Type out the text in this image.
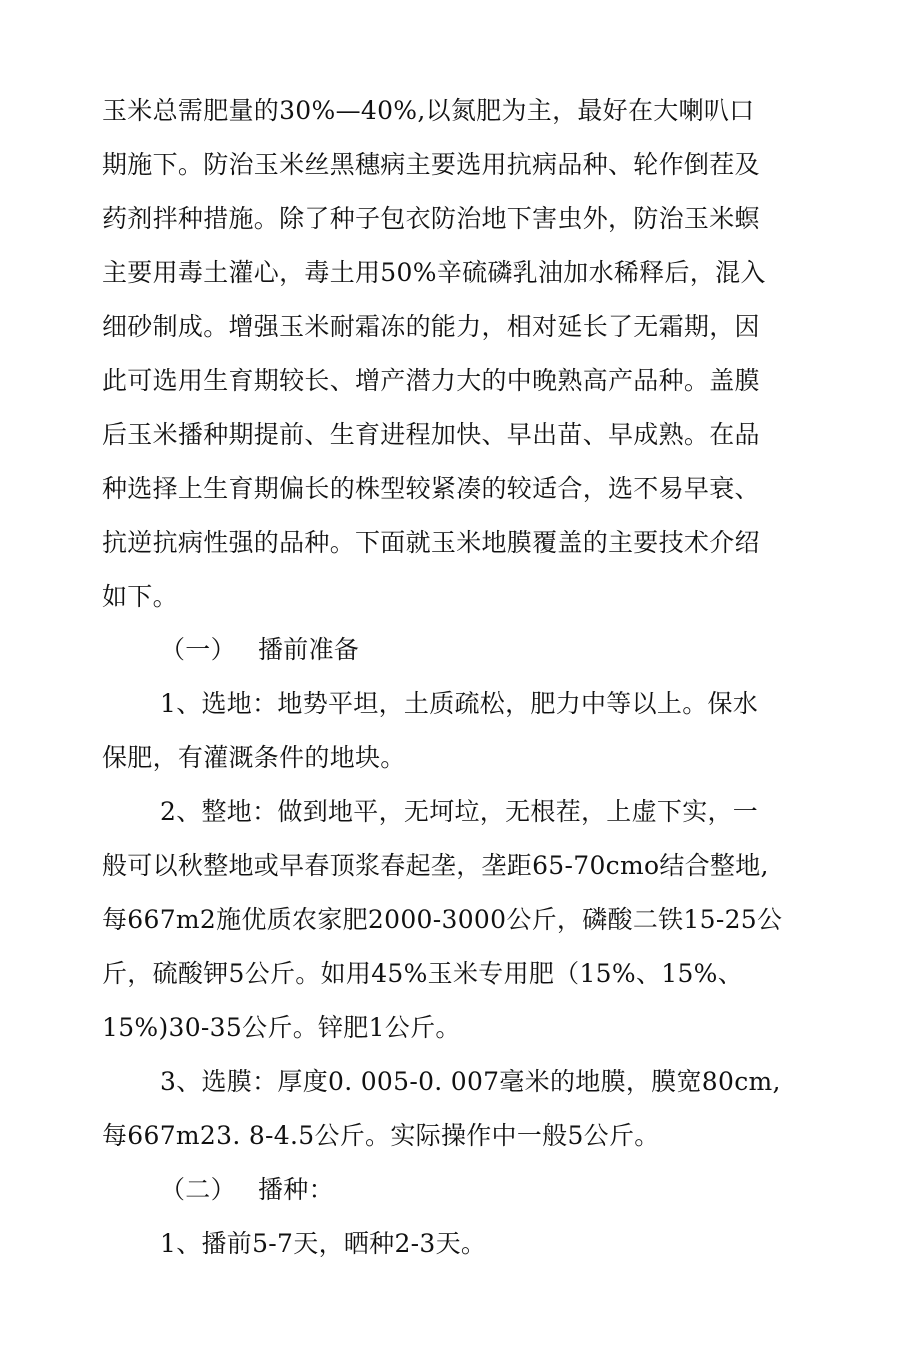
玉米总需肥量的30%—40%,以氮肥为主，最好在大喇叭口
期施下。防治玉米丝黑穗病主要选用抗病品种、轮作倒茬及
药剂拌种措施。除了种子包衣防治地下害虫外，防治玉米螟
主要用毒土灌心，毒土用50%辛硫磷乳油加水稀释后，混入
细砂制成。增强玉米耐霜冻的能力，相对延长了无霜期，因
此可选用生育期较长、增产潜力大的中晚熟高产品种。盖膜
后玉米播种期提前、生育进程加快、早出苗、早成熟。在品
种选择上生育期偏长的株型较紧凑的较适合，选不易早衰、
抗逆抗病性强的品种。下面就玉米地膜覆盖的主要技术介绍
如下。
（一） 播前准备
1、选地：地势平坦，土质疏松，肥力中等以上。保水
保肥，有灌溉条件的地块。
2、整地：做到地平，无坷垃，无根茬，上虚下实，一
般可以秋整地或早春顶浆春起垄，垄距65-70cmo结合整地,
每667m2施优质农家肥2000-3000公斤，磷酸二铁15-25公
斤，硫酸钾5公斤。如用45%玉米专用肥（15%、15%、
15%)30-35公斤。锌肥1公斤。
3、选膜：厚度0. 005-0. 007毫米的地膜，膜宽80cm,
每667m23. 8-4.5公斤。实际操作中一般5公斤。
（二） 播种：
1、播前5-7天，晒种2-3天。
